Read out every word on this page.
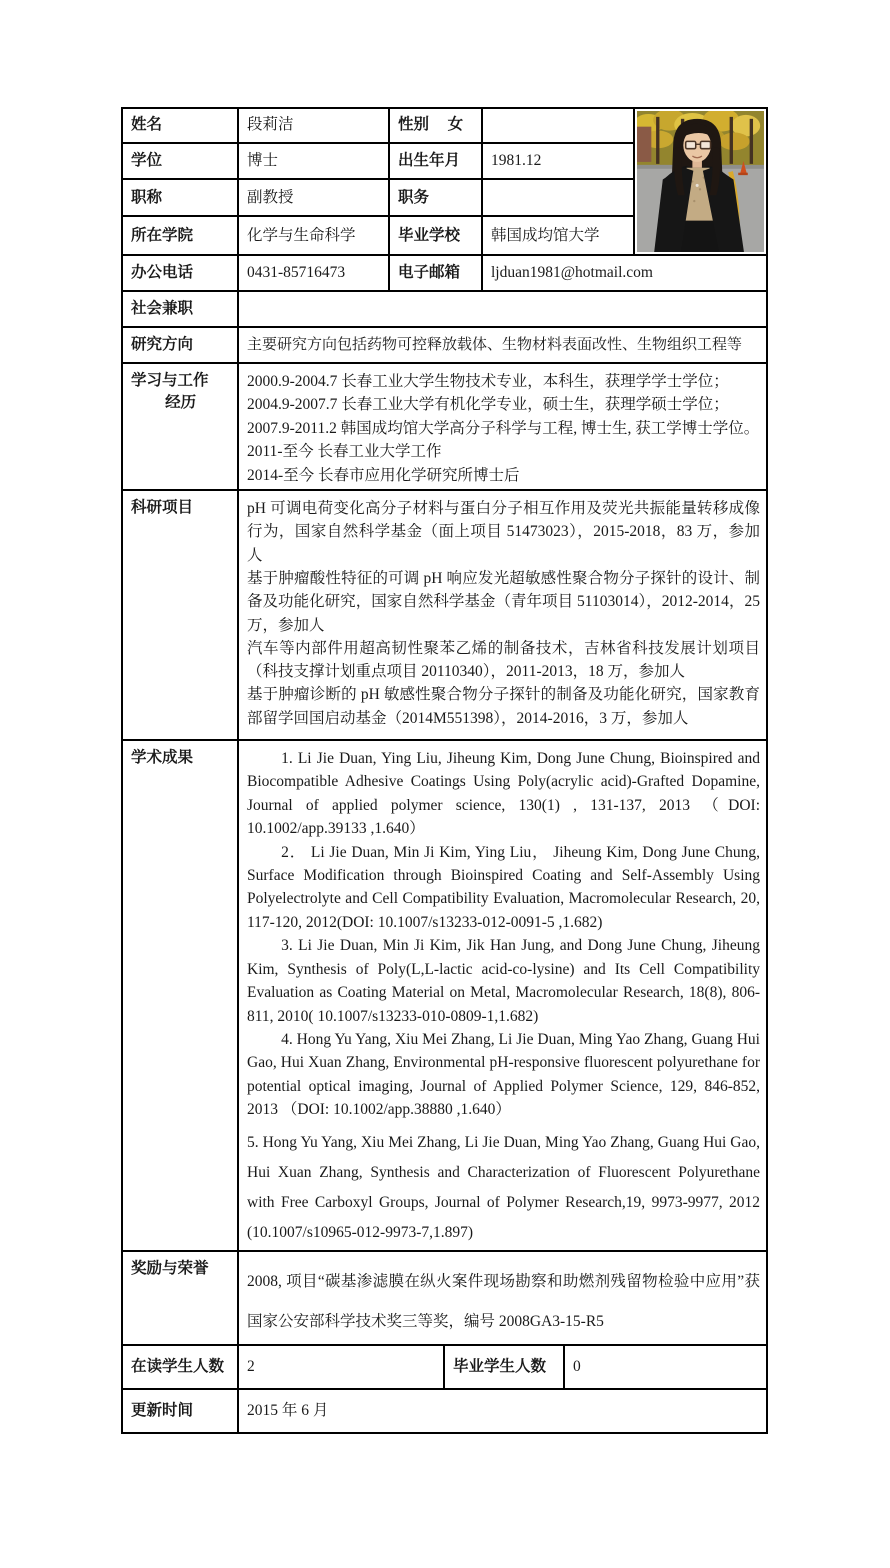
姓名	段莉洁	性别 女		

学位	博士	出生年月		1981.12		
职称	副教授	职务				
所在学院	化学与生命科学	毕业学校		韩国成均馆大学		
办公电话	0431-85716473	电子邮箱		ljduan1981@hotmail.com		
社会兼职						
研究方向	主要研究方向包括药物可控释放载体、生物材料表面改性、生物组织工程等					

学习与工作
经历

2000.9-2004.7 长春工业大学生物技术专业，本科生，获理学学士学位；
2004.9-2007.7 长春工业大学有机化学专业，硕士生，获理学硕士学位；
2007.9-2011.2 韩国成均馆大学高分子科学与工程, 博士生, 获工学博士学位。
2011-至今 长春工业大学工作
2014-至今 长春市应用化学研究所博士后

科研项目	pH 可调电荷变化高分子材料与蛋白分子相互作用及荧光共振能量转移成像行为，国家自然科学基金（面上项目 51473023），2015-2018，83 万，参加人

基于肿瘤酸性特征的可调 pH 响应发光超敏感性聚合物分子探针的设计、制备及功能化研究，国家自然科学基金（青年项目 51103014），2012-2014，25 万，参加人

汽车等内部件用超高韧性聚苯乙烯的制备技术，吉林省科技发展计划项目（科技支撑计划重点项目 20110340），2011-2013，18 万，参加人

基于肿瘤诊断的 pH 敏感性聚合物分子探针的制备及功能化研究，国家教育部留学回国启动基金（2014M551398），2014-2016，3 万，参加人					

学术成果	1. Li Jie Duan, Ying Liu, Jiheung Kim, Dong June Chung, Bioinspired and Biocompatible Adhesive Coatings Using Poly(acrylic acid)-Grafted Dopamine, Journal of applied polymer science, 130(1) , 131-137, 2013 （DOI: 10.1002/app.39133 ,1.640）

2． Li Jie Duan, Min Ji Kim, Ying Liu， Jiheung Kim, Dong June Chung, Surface Modification through Bioinspired Coating and Self-Assembly Using Polyelectrolyte and Cell Compatibility Evaluation, Macromolecular Research, 20, 117-120, 2012(DOI: 10.1007/s13233-012-0091-5 ,1.682)

3. Li Jie Duan, Min Ji Kim, Jik Han Jung, and Dong June Chung, Jiheung Kim, Synthesis of Poly(L,L-lactic acid-co-lysine) and Its Cell Compatibility Evaluation as Coating Material on Metal, Macromolecular Research, 18(8), 806-811, 2010( 10.1007/s13233-010-0809-1,1.682)

4. Hong Yu Yang, Xiu Mei Zhang, Li Jie Duan, Ming Yao Zhang, Guang Hui Gao, Hui Xuan Zhang, Environmental pH-responsive fluorescent polyurethane for potential optical imaging, Journal of Applied Polymer Science, 129, 846-852, 2013 （DOI: 10.1002/app.38880 ,1.640）

5. Hong Yu Yang, Xiu Mei Zhang, Li Jie Duan, Ming Yao Zhang, Guang Hui Gao, Hui Xuan Zhang, Synthesis and Characterization of Fluorescent Polyurethane with Free Carboxyl Groups, Journal of Polymer Research,19, 9973-9977, 2012 (10.1007/s10965-012-9973-7,1.897)					

奖励与荣誉	2008, 项目“碳基渗滤膜在纵火案件现场勘察和助燃剂残留物检验中应用”获国家公安部科学技术奖三等奖，编号 2008GA3-15-R5					

在读学生人数	2		毕业学生人数		0	
更新时间	2015 年 6 月					
